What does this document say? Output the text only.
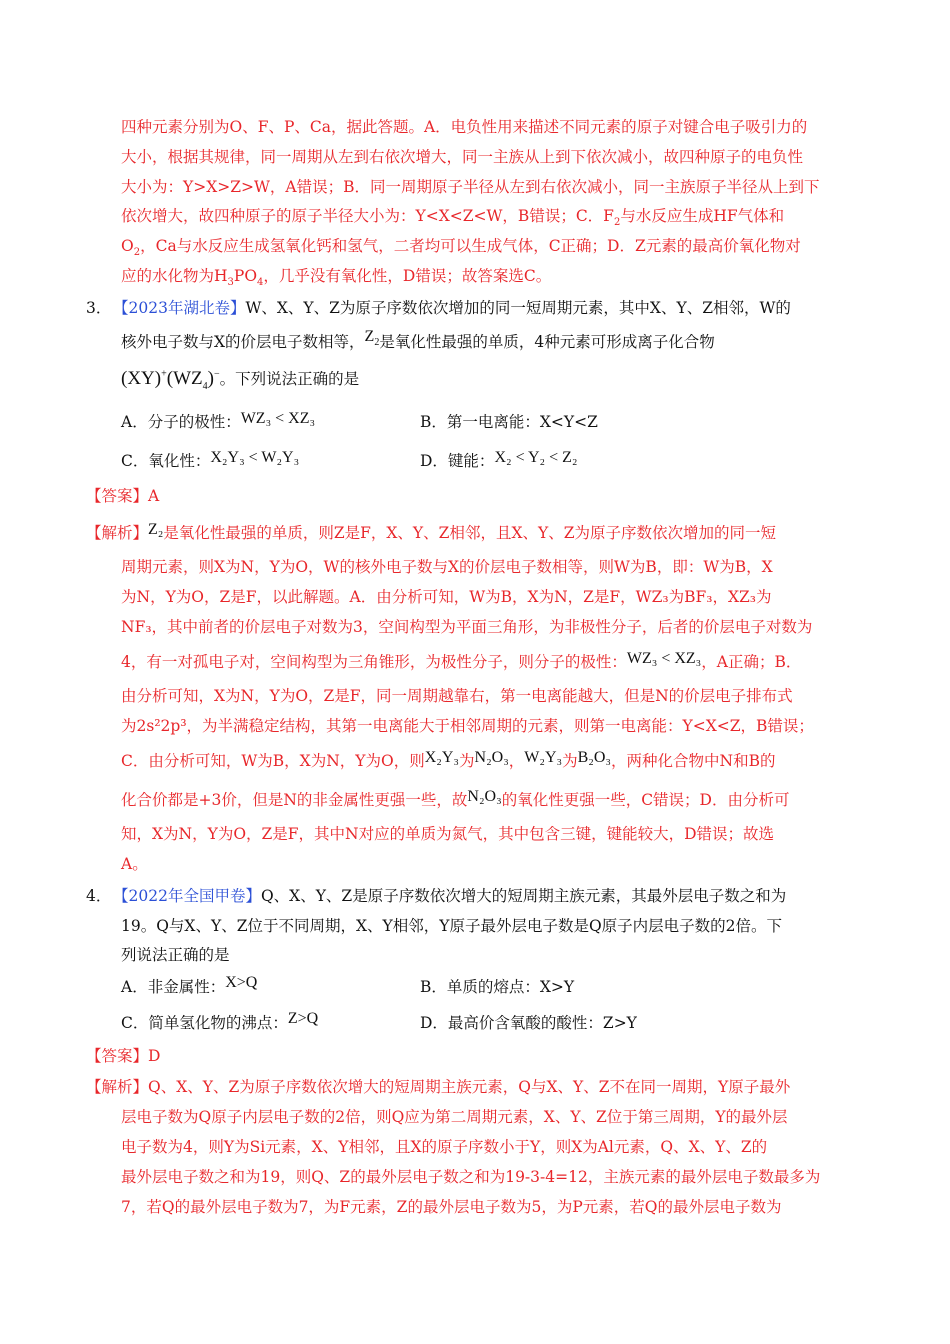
四种元素分别为O、F、P、Ca，据此答题。A．电负性用来描述不同元素的原子对键合电子吸引力的
大小，根据其规律，同一周期从左到右依次增大，同一主族从上到下依次减小，故四种原子的电负性
大小为：Y>X>Z>W，A错误；B．同一周期原子半径从左到右依次减小，同一主族原子半径从上到下
依次增大，故四种原子的原子半径大小为：Y<X<Z<W，B错误；C．$F_2$与水反应生成HF气体和
$O_2$，Ca与水反应生成氢氧化钙和氢气，二者均可以生成气体，C正确；D．Z元素的最高价氧化物对
应的水化物为$H_3PO_4$，几乎没有氧化性，D错误；故答案选C。
3． 【2023年湖北卷】W、X、Y、Z为原子序数依次增加的同一短周期元素，其中X、Y、Z相邻，W的
核外电子数与X的价层电子数相等，$Z_2$是氧化性最强的单质，4种元素可形成离子化合物
$(XY)^+(WZ_4)^-$。下列说法正确的是
A．分子的极性：WZ₃ < XZ₃	B．第一电离能：X<Y<Z
C．氧化性：X₂Y₃ < W₂Y₃	D．键能：X₂ < Y₂ < Z₂
【答案】A
【解析】Z₂是氧化性最强的单质，则Z是F，X、Y、Z相邻，且X、Y、Z为原子序数依次增加的同一短
周期元素，则X为N，Y为O，W的核外电子数与X的价层电子数相等，则W为B，即：W为B，X
为N，Y为O，Z是F，以此解题。A．由分析可知，W为B，X为N，Z是F，WZ₃为BF₃，XZ₃为
NF₃，其中前者的价层电子对数为3，空间构型为平面三角形，为非极性分子，后者的价层电子对数为
4，有一对孤电子对，空间构型为三角锥形，为极性分子，则分子的极性：WZ₃ < XZ₃，A正确；B．
由分析可知，X为N，Y为O，Z是F，同一周期越靠右，第一电离能越大，但是N的价层电子排布式
为2s²2p³，为半满稳定结构，其第一电离能大于相邻周期的元素，则第一电离能：Y<X<Z，B错误；
C．由分析可知，W为B，X为N，Y为O，则X₂Y₃为N₂O₃，W₂Y₃为B₂O₃，两种化合物中N和B的
化合价都是+3价，但是N的非金属性更强一些，故N₂O₃的氧化性更强一些，C错误；D．由分析可
知，X为N，Y为O，Z是F，其中N对应的单质为氮气，其中包含三键，键能较大，D错误；故选
A。
4． 【2022年全国甲卷】Q、X、Y、Z是原子序数依次增大的短周期主族元素，其最外层电子数之和为
19。Q与X、Y、Z位于不同周期，X、Y相邻，Y原子最外层电子数是Q原子内层电子数的2倍。下
列说法正确的是
A．非金属性：X>Q	B．单质的熔点：X>Y
C．简单氢化物的沸点：Z>Q	D．最高价含氧酸的酸性：Z>Y
【答案】D
【解析】Q、X、Y、Z为原子序数依次增大的短周期主族元素，Q与X、Y、Z不在同一周期，Y原子最外
层电子数为Q原子内层电子数的2倍，则Q应为第二周期元素，X、Y、Z位于第三周期，Y的最外层
电子数为4，则Y为Si元素，X、Y相邻，且X的原子序数小于Y，则X为Al元素，Q、X、Y、Z的
最外层电子数之和为19，则Q、Z的最外层电子数之和为19-3-4=12，主族元素的最外层电子数最多为
7，若Q的最外层电子数为7，为F元素，Z的最外层电子数为5，为P元素，若Q的最外层电子数为
